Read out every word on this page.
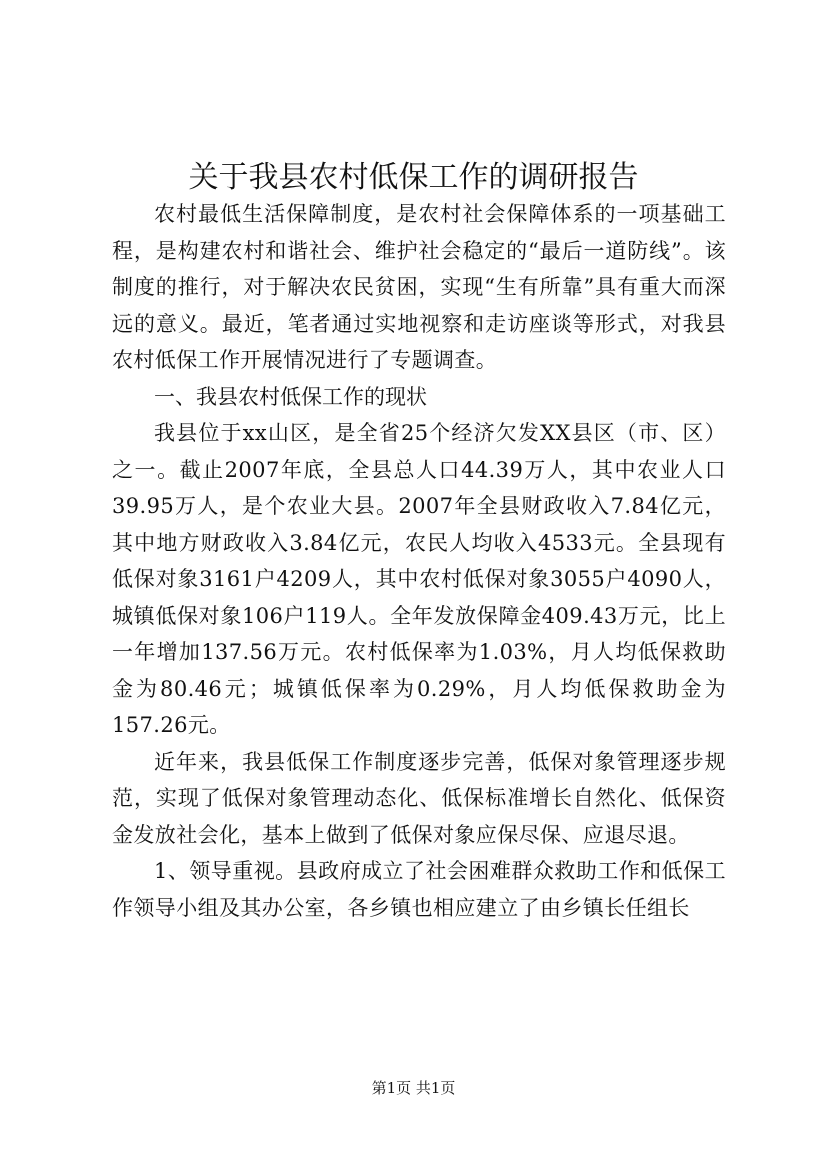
关于我县农村低保工作的调研报告

农村最低生活保障制度，是农村社会保障体系的一项基础工程，是构建农村和谐社会、维护社会稳定的“最后一道防线”。该制度的推行，对于解决农民贫困，实现“生有所靠”具有重大而深远的意义。最近，笔者通过实地视察和走访座谈等形式，对我县农村低保工作开展情况进行了专题调查。

一、我县农村低保工作的现状

我县位于xx山区，是全省25个经济欠发XX县区（市、区）之一。截止2007年底，全县总人口44.39万人，其中农业人口39.95万人，是个农业大县。2007年全县财政收入7.84亿元，其中地方财政收入3.84亿元，农民人均收入4533元。全县现有低保对象3161户4209人，其中农村低保对象3055户4090人，城镇低保对象106户119人。全年发放保障金409.43万元，比上一年增加137.56万元。农村低保率为1.03%，月人均低保救助金为80.46元；城镇低保率为0.29%，月人均低保救助金为157.26元。

近年来，我县低保工作制度逐步完善，低保对象管理逐步规范，实现了低保对象管理动态化、低保标准增长自然化、低保资金发放社会化，基本上做到了低保对象应保尽保、应退尽退。

1、领导重视。县政府成立了社会困难群众救助工作和低保工作领导小组及其办公室，各乡镇也相应建立了由乡镇长任组长

第1页 共1页
